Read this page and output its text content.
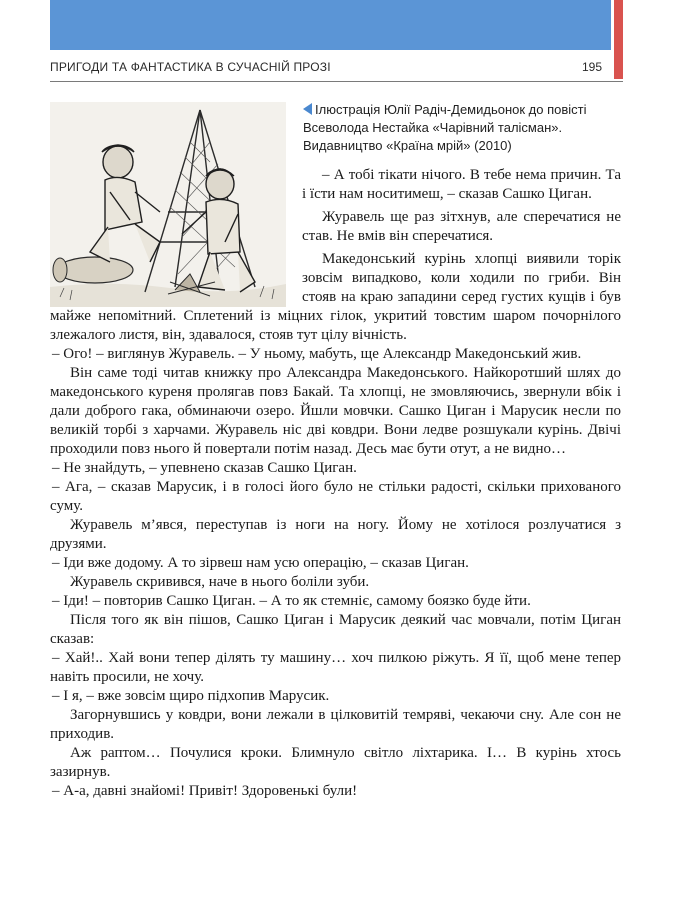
ПРИГОДИ ТА ФАНТАСТИКА В СУЧАСНІЙ ПРОЗІ	195
Ілюстрація Юлії Радіч-Демидьонок до повісті Всеволода Нестайка «Чарівний талісман». Видавництво «Країна мрій» (2010)

– А тобі тікати нічого. В тебе нема причин. Та і їсти нам носитимеш, – сказав Сашко Циган.

Журавель ще раз зітхнув, але сперечатися не став. Не вмів він сперечатися.

Македонський курінь хлопці виявили торік зовсім випадково, коли ходили по гриби. Він стояв на краю западини серед густих кущів і був майже непомітний. Сплетений із міцних гілок, укритий товстим шаром почорнілого злежалого листя, він, здавалося, стояв тут цілу вічність.

– Ого! – виглянув Журавель. – У ньому, мабуть, ще Александр Македонський жив.

Він саме тоді читав книжку про Александра Македонського. Найкоротший шлях до македонського куреня пролягав повз Бакай. Та хлопці, не змовляючись, звернули вбік і дали доброго гака, обминаючи озеро. Йшли мовчки. Сашко Циган і Марусик несли по великій торбі з харчами. Журавель ніс дві ковдри. Вони ледве розшукали курінь. Двічі проходили повз нього й повертали потім назад. Десь має бути отут, а не видно…

– Не знайдуть, – упевнено сказав Сашко Циган.

– Ага, – сказав Марусик, і в голосі його було не стільки радості, скільки прихованого суму.

Журавель м’явся, переступав із ноги на ногу. Йому не хотілося розлучатися з друзями.

– Іди вже додому. А то зірвеш нам усю операцію, – сказав Циган.

Журавель скривився, наче в нього боліли зуби.

– Іди! – повторив Сашко Циган. – А то як стемніє, самому боязко буде йти.

Після того як він пішов, Сашко Циган і Марусик деякий час мовчали, потім Циган сказав:

– Хай!.. Хай вони тепер ділять ту машину… хоч пилкою ріжуть. Я її, щоб мене тепер навіть просили, не хочу.

– І я, – вже зовсім щиро підхопив Марусик.

Загорнувшись у ковдри, вони лежали в цілковитій темряві, чекаючи сну. Але сон не приходив.

Аж раптом… Почулися кроки. Блимнуло світло ліхтарика. І… В курінь хтось зазирнув.

– А-а, давні знайомі! Привіт! Здоровенькі були!
